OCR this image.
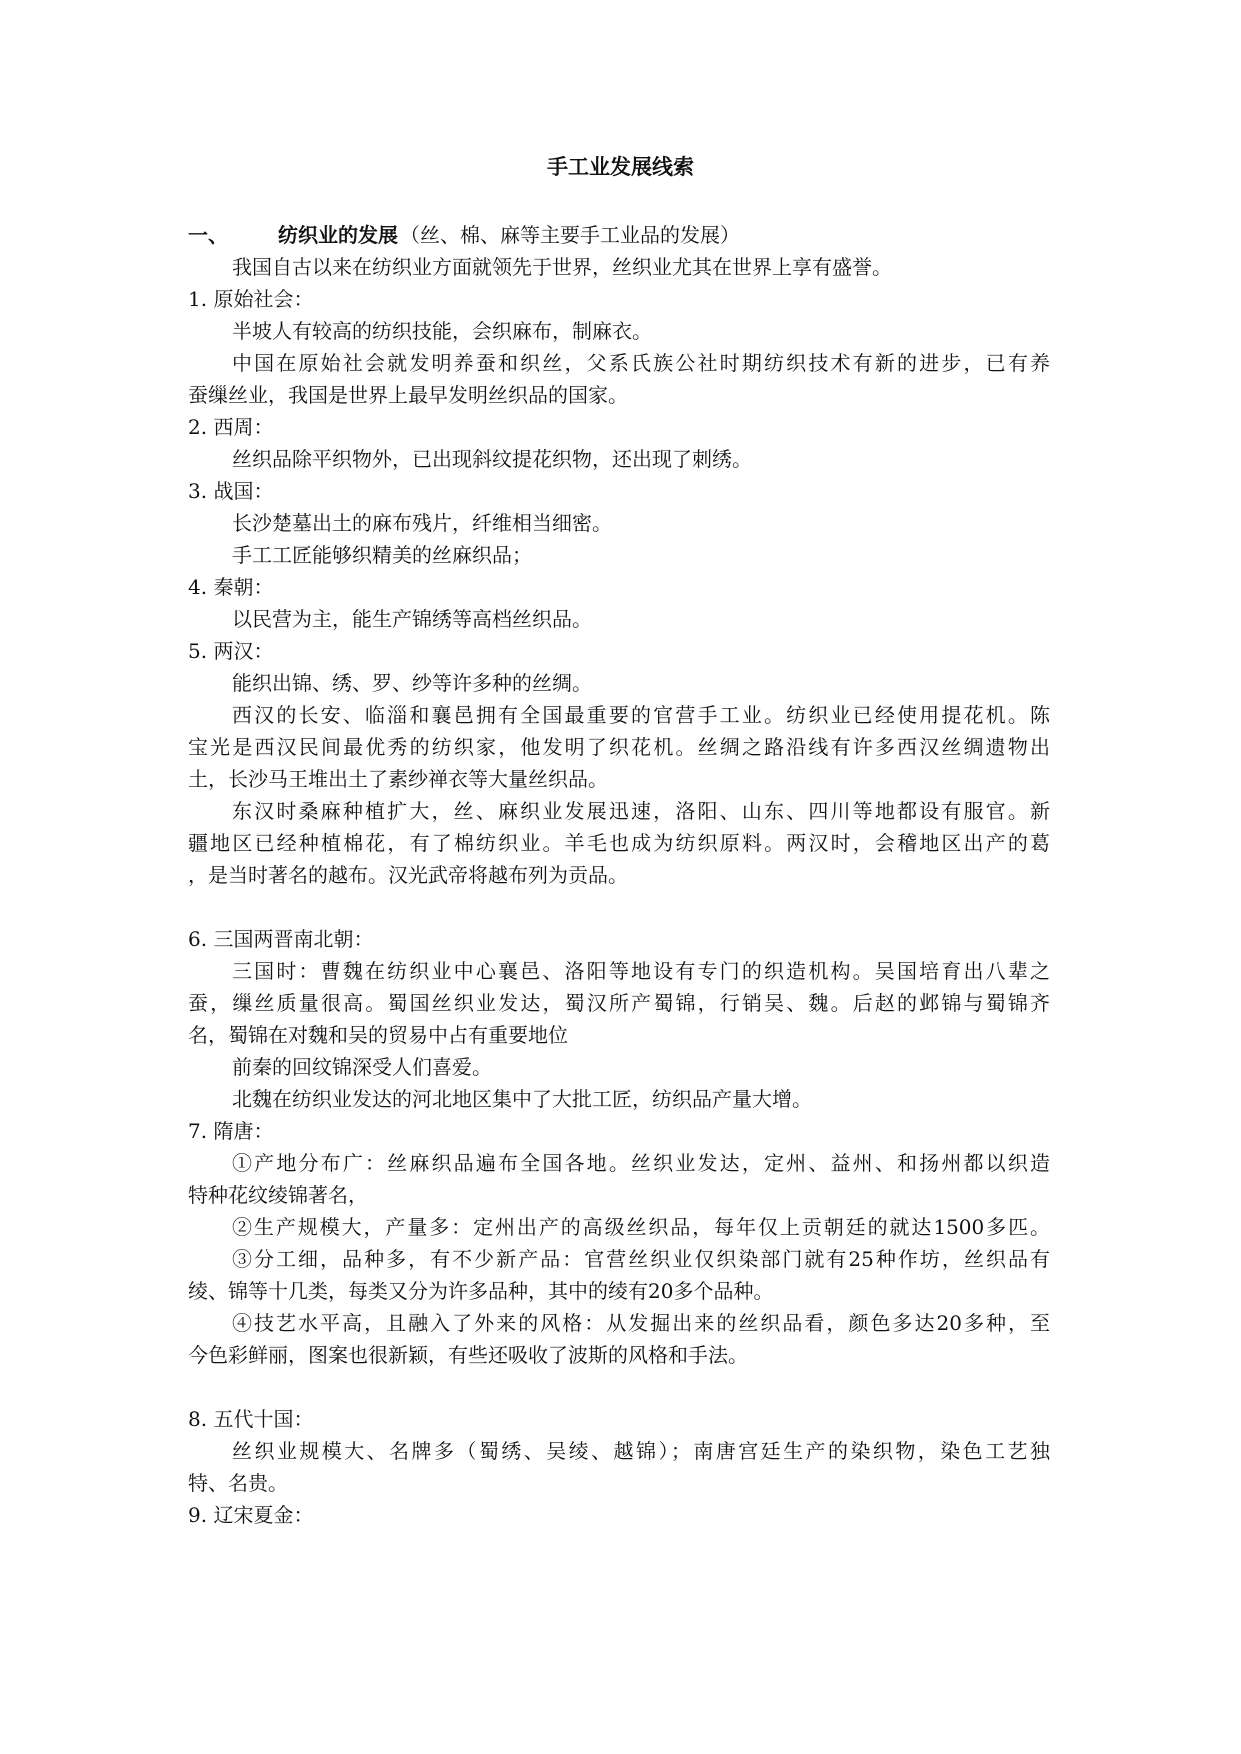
手工业发展线索
一、	纺织业的发展 （丝、棉、麻等主要手工业品的发展）
我国自古以来在纺织业方面就领先于世界，丝织业尤其在世界上享有盛誉。
1. 原始社会：
半坡人有较高的纺织技能，会织麻布，制麻衣。
中国在原始社会就发明养蚕和织丝，父系氏族公社时期纺织技术有新的进步，已有养
蚕缫丝业，我国是世界上最早发明丝织品的国家。
2. 西周：
丝织品除平织物外，已出现斜纹提花织物，还出现了刺绣。
3. 战国：
长沙楚墓出土的麻布残片，纤维相当细密。
手工工匠能够织精美的丝麻织品；
4. 秦朝：
以民营为主，能生产锦绣等高档丝织品。
5. 两汉：
能织出锦、绣、罗、纱等许多种的丝绸。
西汉的长安、临淄和襄邑拥有全国最重要的官营手工业。纺织业已经使用提花机。陈
宝光是西汉民间最优秀的纺织家，他发明了织花机。丝绸之路沿线有许多西汉丝绸遗物出
土，长沙马王堆出土了素纱禅衣等大量丝织品。
东汉时桑麻种植扩大，丝、麻织业发展迅速，洛阳、山东、四川等地都设有服官。新
疆地区已经种植棉花，有了棉纺织业。羊毛也成为纺织原料。两汉时，会稽地区出产的葛
，是当时著名的越布。汉光武帝将越布列为贡品。
6. 三国两晋南北朝：
三国时：曹魏在纺织业中心襄邑、洛阳等地设有专门的织造机构。吴国培育出八辈之
蚕，缫丝质量很高。蜀国丝织业发达，蜀汉所产蜀锦，行销吴、魏。后赵的邺锦与蜀锦齐
名，蜀锦在对魏和吴的贸易中占有重要地位
前秦的回纹锦深受人们喜爱。
北魏在纺织业发达的河北地区集中了大批工匠，纺织品产量大增。
7. 隋唐：
①产地分布广：丝麻织品遍布全国各地。丝织业发达，定州、益州、和扬州都以织造
特种花纹绫锦著名，
②生产规模大，产量多：定州出产的高级丝织品，每年仅上贡朝廷的就达1500多匹。
③分工细，品种多，有不少新产品：官营丝织业仅织染部门就有25种作坊，丝织品有
绫、锦等十几类，每类又分为许多品种，其中的绫有20多个品种。
④技艺水平高，且融入了外来的风格：从发掘出来的丝织品看，颜色多达20多种，至
今色彩鲜丽，图案也很新颖，有些还吸收了波斯的风格和手法。
8. 五代十国：
丝织业规模大、名牌多（蜀绣、吴绫、越锦）；南唐宫廷生产的染织物，染色工艺独
特、名贵。
9. 辽宋夏金：
